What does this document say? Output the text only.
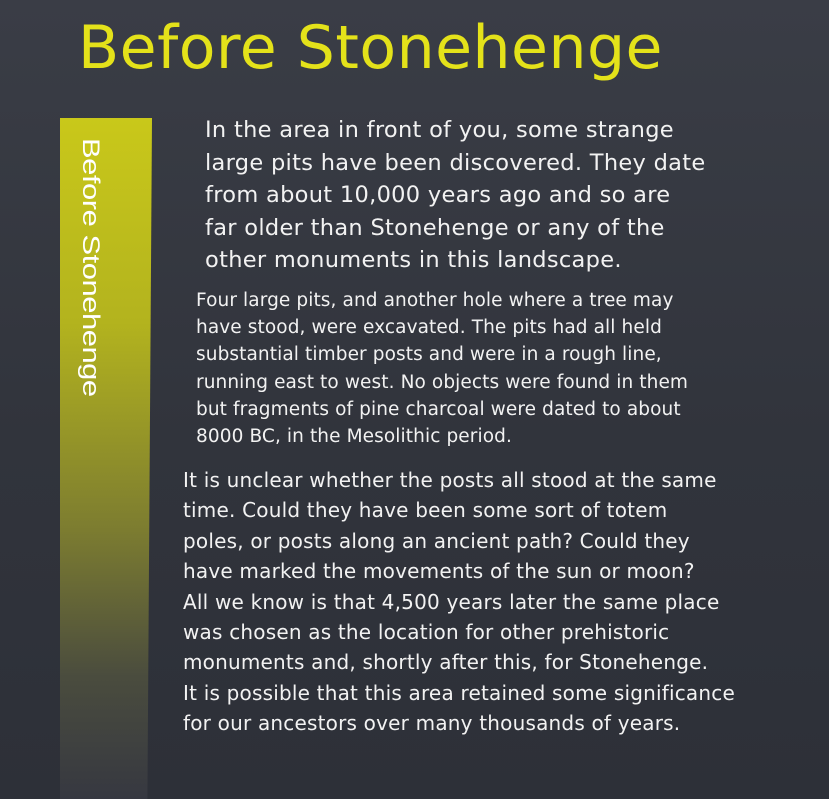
Before Stonehenge
Before Stonehenge

In the area in front of you, some strange
large pits have been discovered. They date
from about 10,000 years ago and so are
far older than Stonehenge or any of the
other monuments in this landscape.

Four large pits, and another hole where a tree may
have stood, were excavated. The pits had all held
substantial timber posts and were in a rough line,
running east to west. No objects were found in them
but fragments of pine charcoal were dated to about
8000 BC, in the Mesolithic period.

It is unclear whether the posts all stood at the same
time. Could they have been some sort of totem
poles, or posts along an ancient path? Could they
have marked the movements of the sun or moon?
All we know is that 4,500 years later the same place
was chosen as the location for other prehistoric
monuments and, shortly after this, for Stonehenge.
It is possible that this area retained some significance
for our ancestors over many thousands of years.
